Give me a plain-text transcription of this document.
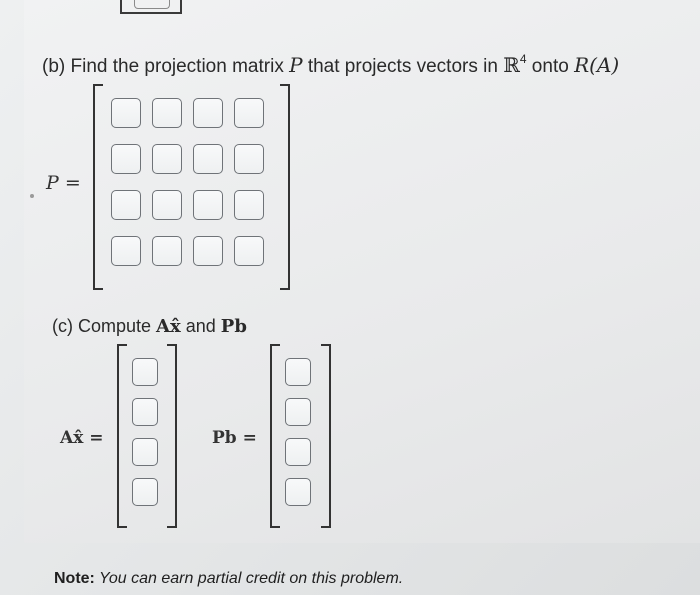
(b) Find the projection matrix P that projects vectors in ℝ$^4$ onto R(A)
P =
(c) Compute Ax̂ and Pb
Ax̂ =	Pb =
Note: You can earn partial credit on this problem.
